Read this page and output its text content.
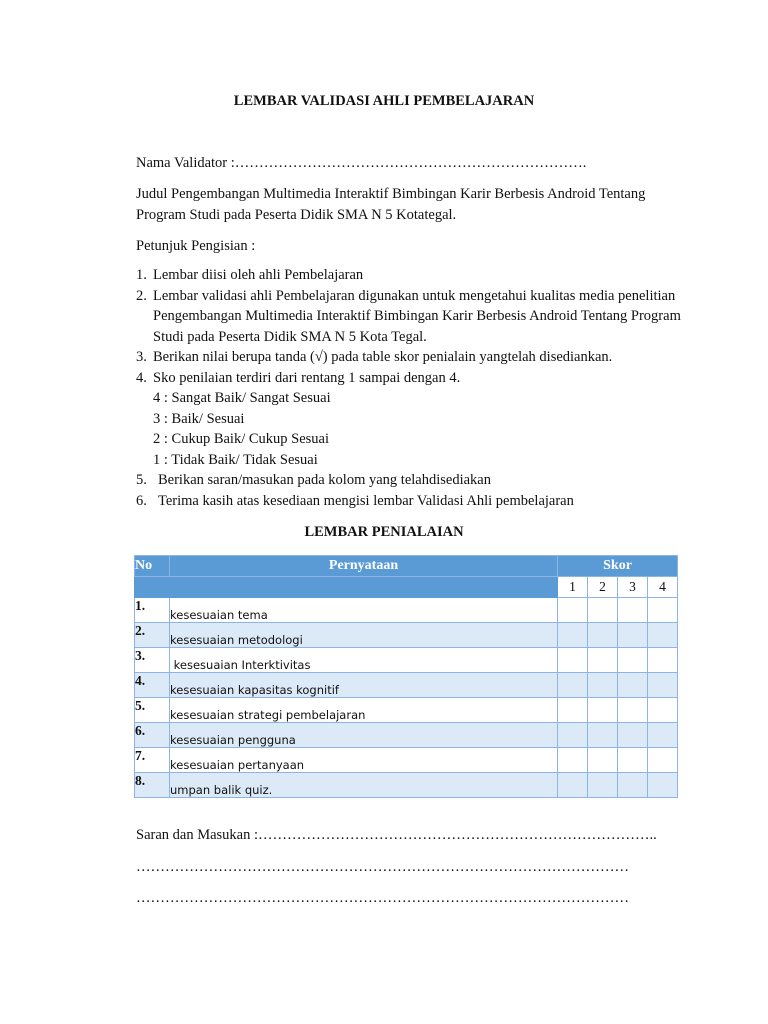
LEMBAR VALIDASI AHLI PEMBELAJARAN
Nama Validator :……………………………………………………………….
Judul Pengembangan Multimedia Interaktif Bimbingan Karir Berbesis Android Tentang
Program Studi pada Peserta Didik SMA N 5 Kotategal.
Petunjuk Pengisian :
1. Lembar diisi oleh ahli Pembelajaran
2. Lembar validasi ahli Pembelajaran digunakan untuk mengetahui kualitas media penelitian Pengembangan Multimedia Interaktif Bimbingan Karir Berbesis Android Tentang Program Studi pada Peserta Didik SMA N 5 Kota Tegal.
3. Berikan nilai berupa tanda (√) pada table skor penialain yangtelah disediankan.
4. Sko penilaian terdiri dari rentang 1 sampai dengan 4.
4 : Sangat Baik/ Sangat Sesuai
3 : Baik/ Sesuai
2 : Cukup Baik/ Cukup Sesuai
1 : Tidak Baik/ Tidak Sesuai
5. Berikan saran/masukan pada kolom yang telahdisediakan
6. Terima kasih atas kesediaan mengisi lembar Validasi Ahli pembelajaran
LEMBAR PENIALAIAN
No	Pernyataan	Skor			
		1	2	3	4
1.	kesesuaian tema				
2.	kesesuaian metodologi				
3.	kesesuaian Interktivitas				
4.	kesesuaian kapasitas kognitif				
5.	kesesuaian strategi pembelajaran				
6.	kesesuaian pengguna				
7.	kesesuaian pertanyaan				
8.	umpan balik quiz.				
Saran dan Masukan :………………………………………………………………………..
…………………………………………………………………………………………
…………………………………………………………………………………………
